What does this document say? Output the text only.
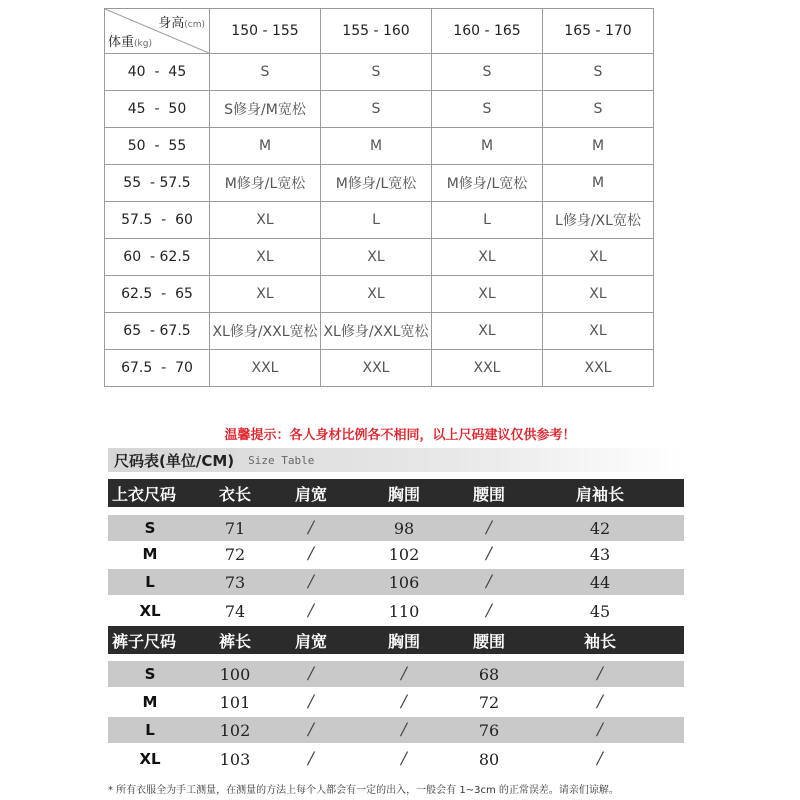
身高(cm)
体重(kg)	150 - 155	155 - 160	160 - 165	165 - 170
40  -  45	S	S	S	S
45  -  50	S修身/M宽松	S	S	S
50  -  55	M	M	M	M
55  - 57.5	M修身/L宽松	M修身/L宽松	M修身/L宽松	M
57.5  -  60	XL	L	L	L修身/XL宽松
60  - 62.5	XL	XL	XL	XL
62.5  -  65	XL	XL	XL	XL
65  - 67.5	XL修身/XXL宽松	XL修身/XXL宽松	XL	XL
67.5  -  70	XXL	XXL	XXL	XXL
温馨提示：各人身材比例各不相同，以上尺码建议仅供参考！
尺码表(单位/CM) Size Table
上衣尺码	衣长	肩宽	胸围	腰围	肩袖长
S	71	/	98	/	42
M	72	/	102	/	43
L	73	/	106	/	44
XL	74	/	110	/	45
裤子尺码	裤长	肩宽	胸围	腰围	袖长
S	100	/	/	68	/
M	101	/	/	72	/
L	102	/	/	76	/
XL	103	/	/	80	/
* 所有衣服全为手工测量，在测量的方法上每个人都会有一定的出入，一般会有 1~3cm 的正常误差。请亲们谅解。
